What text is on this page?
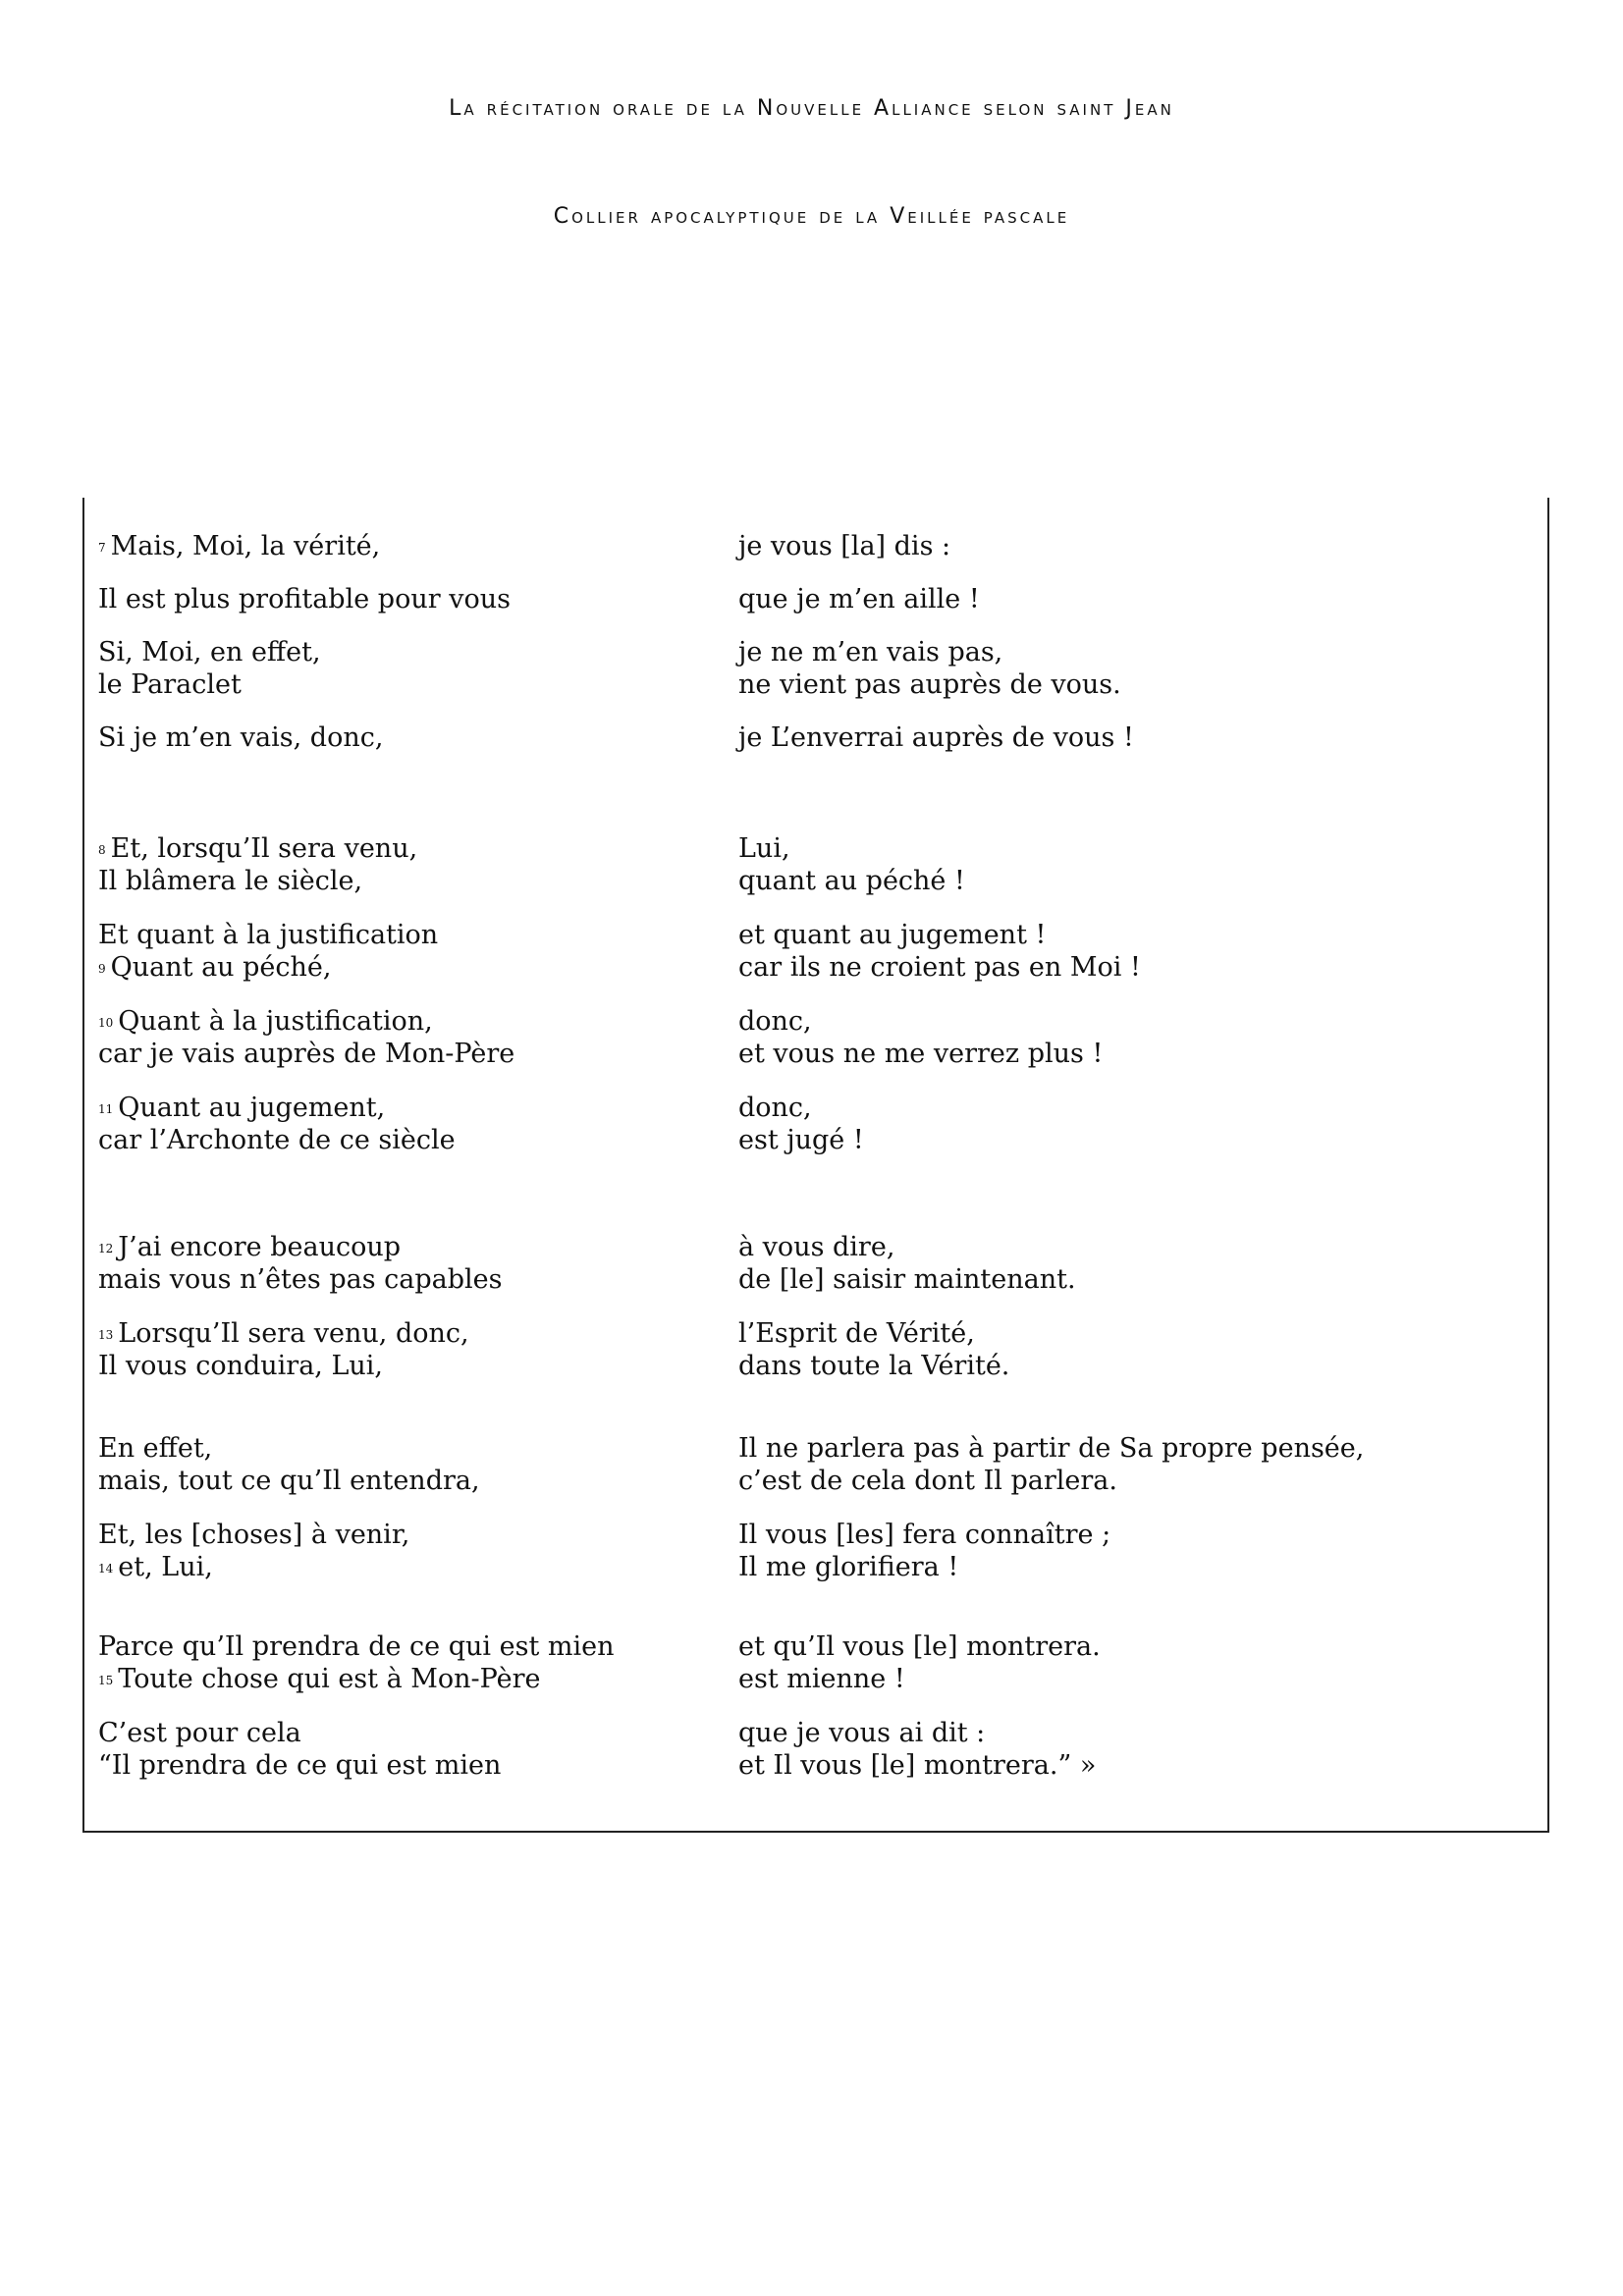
La récitation orale de la Nouvelle Alliance selon saint Jean
Collier apocalyptique de la Veillée pascale
7 Mais, Moi, la vérité,	je vous [la] dis :
Il est plus profitable pour vous	que je m’en aille !
Si, Moi, en effet,	je ne m’en vais pas,
le Paraclet	ne vient pas auprès de vous.
Si je m’en vais, donc,	je L’enverrai auprès de vous !
8 Et, lorsqu’Il sera venu,	Lui,
Il blâmera le siècle,	quant au péché !
Et quant à la justification	et quant au jugement !
9 Quant au péché,	car ils ne croient pas en Moi !
10 Quant à la justification,	donc,
car je vais auprès de Mon-Père	et vous ne me verrez plus !
11 Quant au jugement,	donc,
car l’Archonte de ce siècle	est jugé !
12 J’ai encore beaucoup	à vous dire,
mais vous n’êtes pas capables	de [le] saisir maintenant.
13 Lorsqu’Il sera venu, donc,	l’Esprit de Vérité,
Il vous conduira, Lui,	dans toute la Vérité.
En effet,	Il ne parlera pas à partir de Sa propre pensée,
mais, tout ce qu’Il entendra,	c’est de cela dont Il parlera.
Et, les [choses] à venir,	Il vous [les] fera connaître ;
14 et, Lui,	Il me glorifiera !
Parce qu’Il prendra de ce qui est mien	et qu’Il vous [le] montrera.
15 Toute chose qui est à Mon-Père	est mienne !
C’est pour cela	que je vous ai dit :
“Il prendra de ce qui est mien	et Il vous [le] montrera.” »
